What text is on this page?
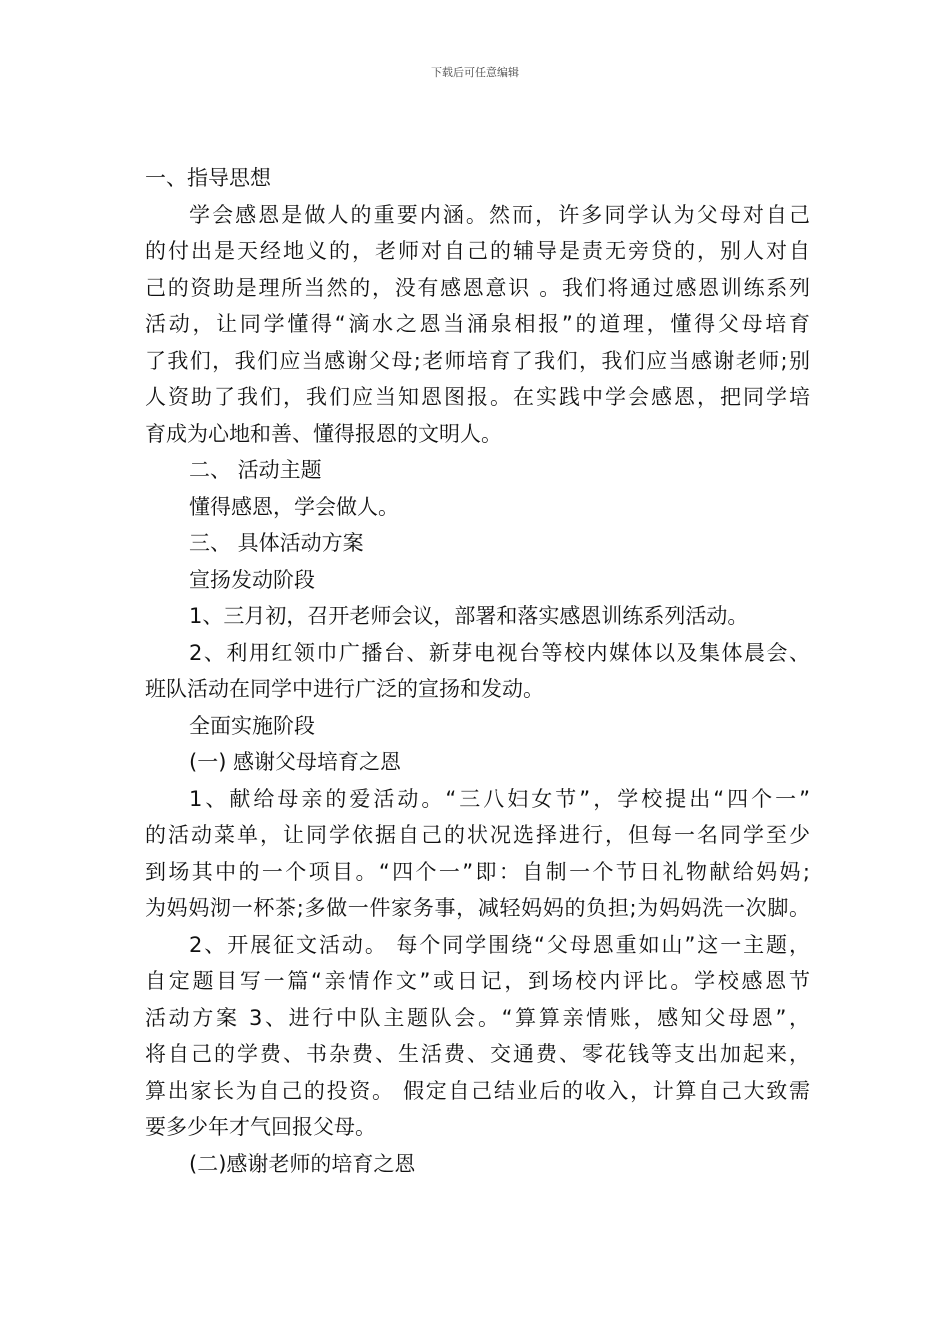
下载后可任意编辑
一、指导思想
学会感恩是做人的重要内涵。然而，许多同学认为父母对自己
的付出是天经地义的，老师对自己的辅导是责无旁贷的，别人对自
己的资助是理所当然的，没有感恩意识 。我们将通过感恩训练系列
活动，让同学懂得“滴水之恩当涌泉相报”的道理，懂得父母培育
了我们，我们应当感谢父母;老师培育了我们，我们应当感谢老师;别
人资助了我们，我们应当知恩图报。在实践中学会感恩，把同学培
育成为心地和善、懂得报恩的文明人。
二、 活动主题
懂得感恩，学会做人。
三、 具体活动方案
宣扬发动阶段
1、三月初，召开老师会议，部署和落实感恩训练系列活动。
2、利用红领巾广播台、新芽电视台等校内媒体以及集体晨会、
班队活动在同学中进行广泛的宣扬和发动。
全面实施阶段
(一) 感谢父母培育之恩
1、献给母亲的爱活动。“三八妇女节”，学校提出“四个一”
的活动菜单，让同学依据自己的状况选择进行，但每一名同学至少
到场其中的一个项目。“四个一”即：自制一个节日礼物献给妈妈;
为妈妈沏一杯茶;多做一件家务事，减轻妈妈的负担;为妈妈洗一次脚。
2、开展征文活动。 每个同学围绕“父母恩重如山”这一主题，
自定题目写一篇“亲情作文”或日记，到场校内评比。学校感恩节
活动方案 3、进行中队主题队会。“算算亲情账，感知父母恩”，
将自己的学费、书杂费、生活费、交通费、零花钱等支出加起来，
算出家长为自己的投资。 假定自己结业后的收入，计算自己大致需
要多少年才气回报父母。
(二)感谢老师的培育之恩
